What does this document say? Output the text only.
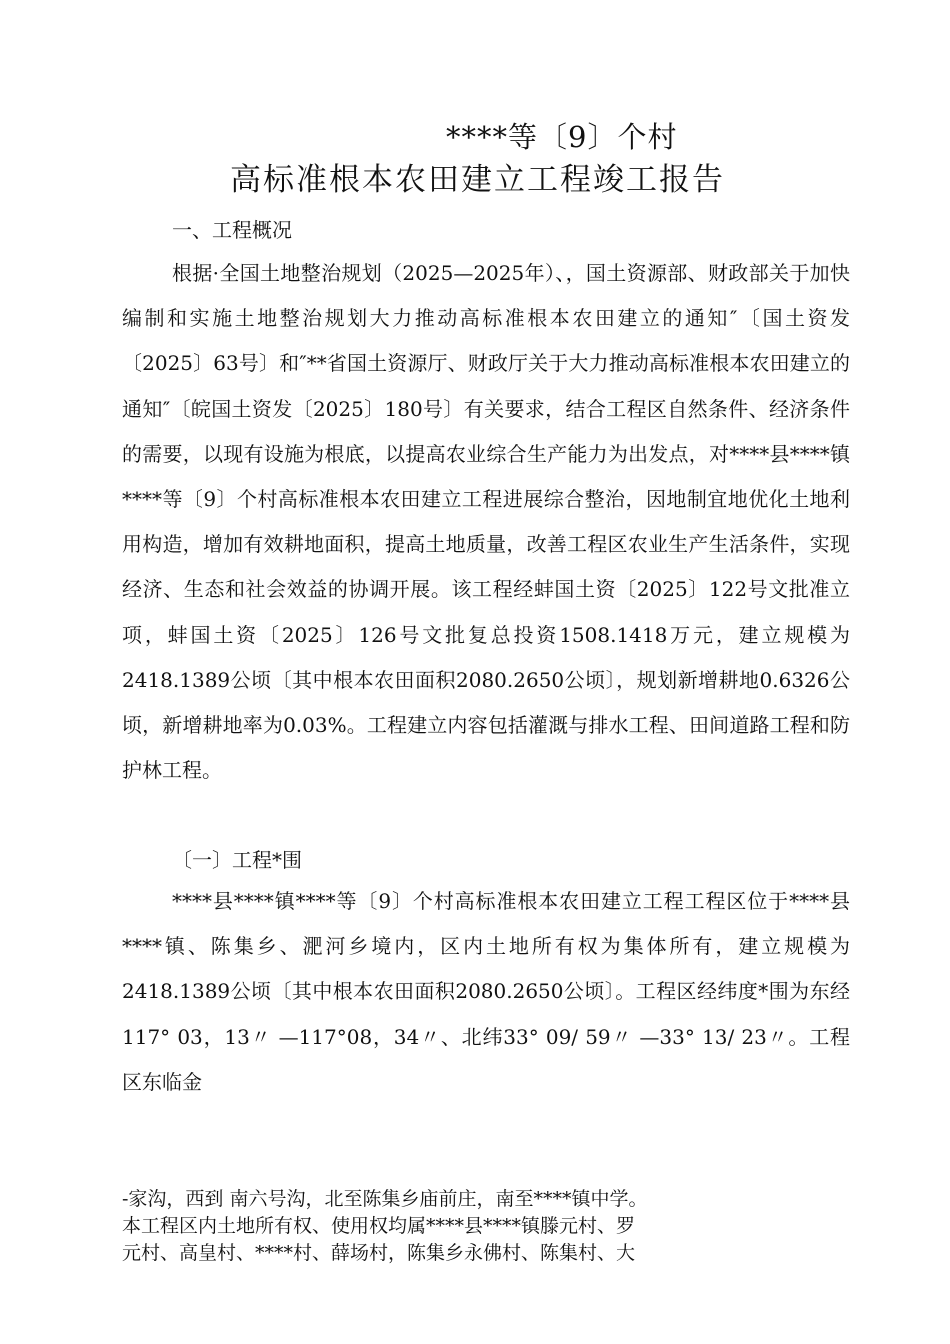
****等〔9〕个村
高标准根本农田建立工程竣工报告
一、工程概况
根据·全国土地整治规划（2025—2025年）、，国土资源部、财政部关于加快编制和实施土地整治规划大力推动高标准根本农田建立的通知″〔国土资发〔2025〕63号〕和″**省国土资源厅、财政厅关于大力推动高标准根本农田建立的通知″〔皖国土资发〔2025〕180号〕有关要求，结合工程区自然条件、经济条件的需要，以现有设施为根底，以提高农业综合生产能力为出发点，对****县****镇****等〔9〕个村高标准根本农田建立工程进展综合整治，因地制宜地优化土地利用构造，增加有效耕地面积，提高土地质量，改善工程区农业生产生活条件，实现经济、生态和社会效益的协调开展。该工程经蚌国土资〔2025〕122号文批准立项，蚌国土资〔2025〕126号文批复总投资1508.1418万元，建立规模为2418.1389公顷〔其中根本农田面积2080.2650公顷〕，规划新增耕地0.6326公顷，新增耕地率为0.03%。工程建立内容包括灌溉与排水工程、田间道路工程和防护林工程。
〔一〕工程*围
****县****镇****等〔9〕个村高标准根本农田建立工程工程区位于****县****镇、陈集乡、淝河乡境内，区内土地所有权为集体所有，建立规模为2418.1389公顷〔其中根本农田面积2080.2650公顷〕。工程区经纬度*围为东经117° 03，13〃 —117°08，34〃、北纬33° 09/ 59〃 —33° 13/ 23〃。工程区东临金
-家沟，西到 南六号沟，北至陈集乡庙前庄，南至****镇中学。
本工程区内土地所有权、使用权均属****县****镇滕元村、罗
元村、高皇村、****村、薛场村，陈集乡永佛村、陈集村、大
